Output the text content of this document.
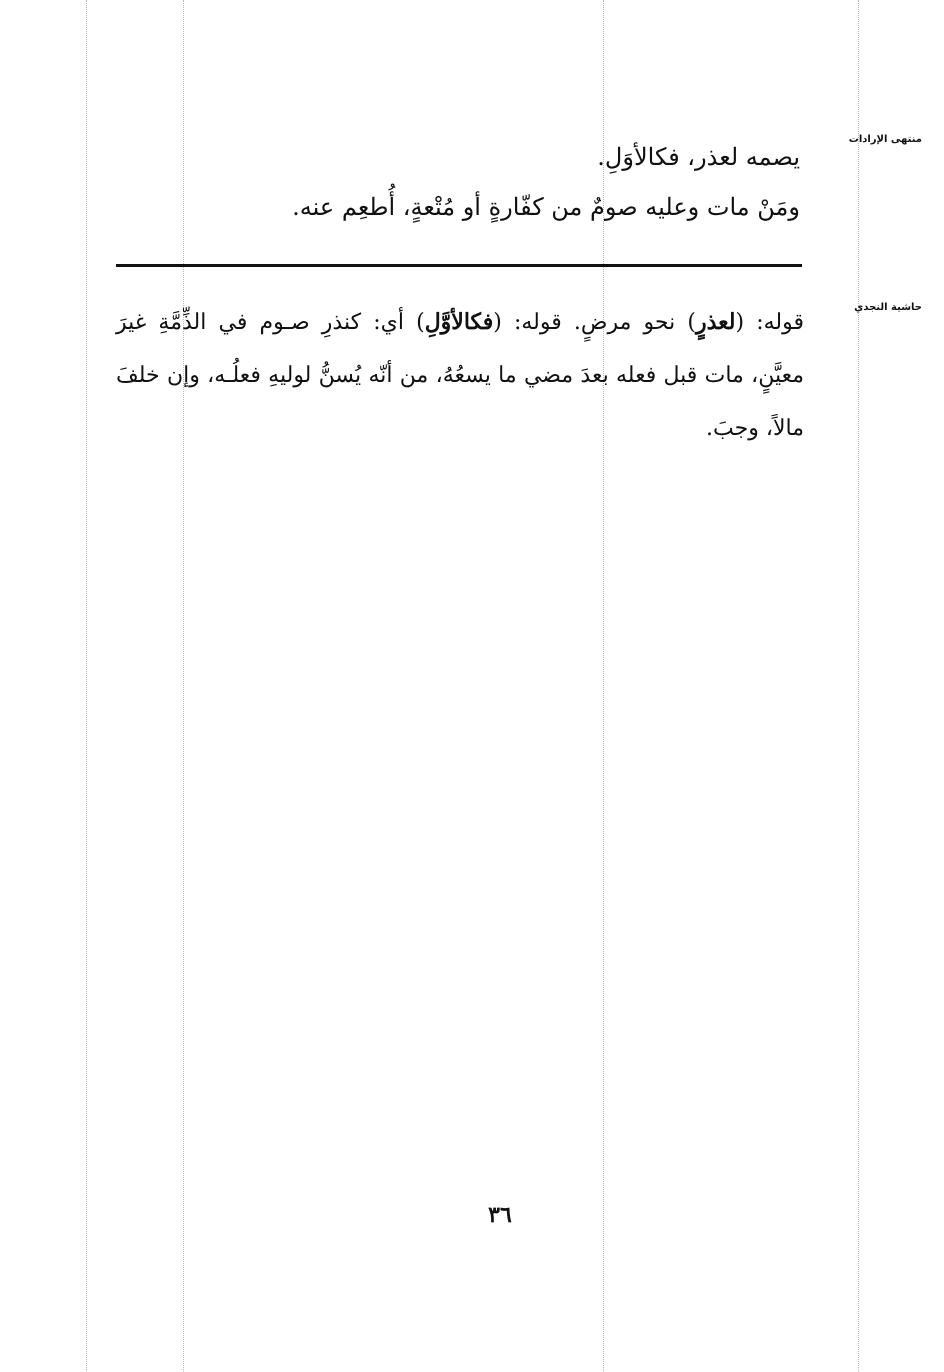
منتهى الإرادات
حاشية النجدي

يصمه لعذر، فكالأوَلِ.

ومَنْ مات وعليه صومٌ من كفّارةٍ أو مُتْعةٍ، أُطعِم عنه.

قوله: (لعذرٍ) نحو مرضٍ. قوله: (فكالأوَّلِ) أي: كنذرِ صـوم في الذِّمَّةِ غيرَ معيَّنٍ، مات قبل فعله بعدَ مضي ما يسعُهُ، من أنّه يُسنُّ لوليهِ فعلُـه، وإن خلفَ مالاً، وجبَ.
٣٦
